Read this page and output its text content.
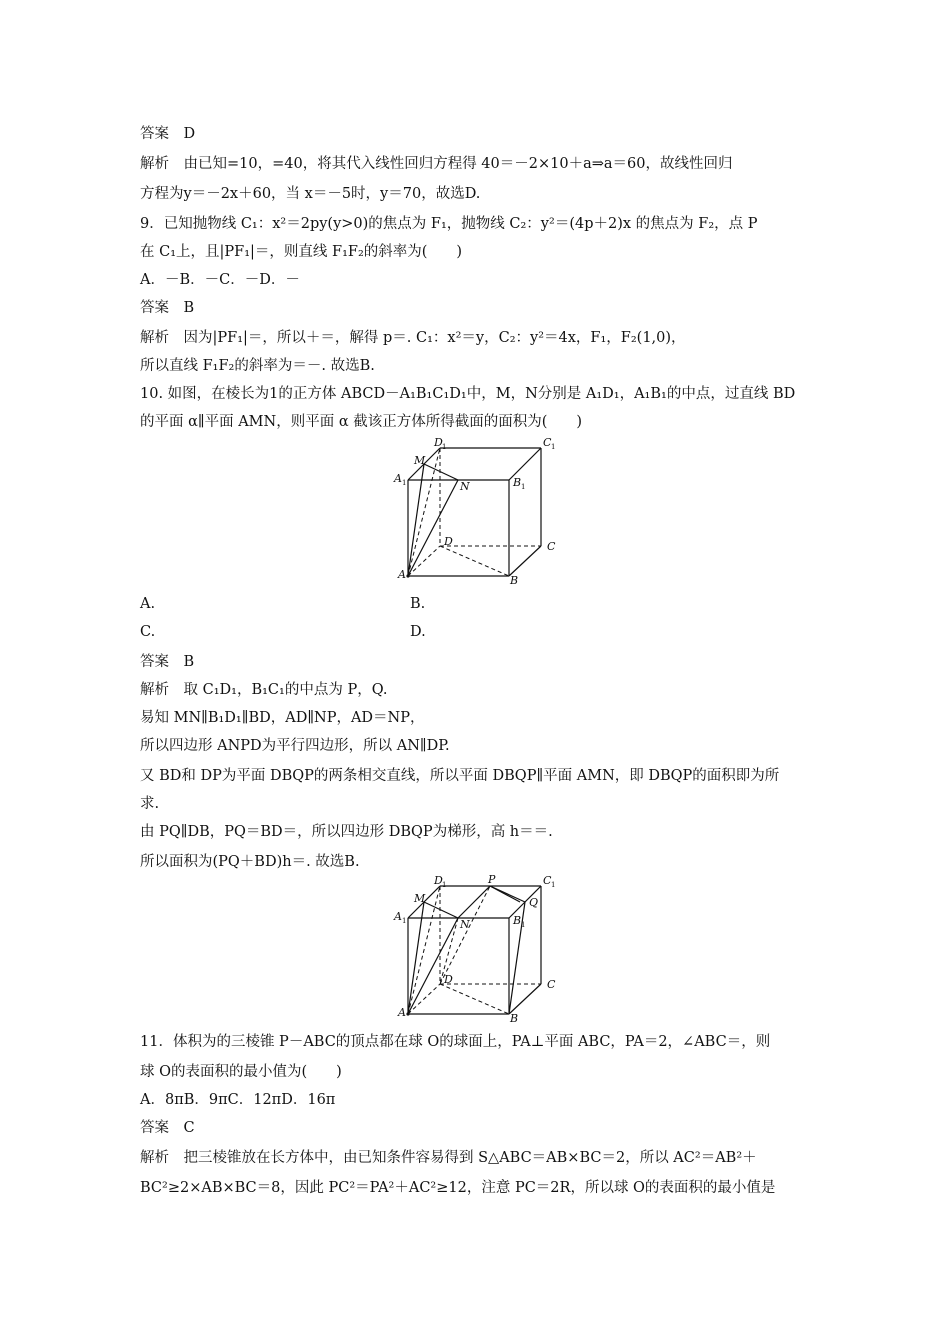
答案　D
解析　由已知=10，=40，将其代入线性回归方程得 40＝－2×10＋a⇒a＝60，故线性回归
方程为y＝－2x＋60，当 x＝－5时，y＝70，故选D.
9．已知抛物线 C₁：x²＝2py(y>0)的焦点为 F₁，抛物线 C₂：y²＝(4p＋2)x 的焦点为 F₂，点 P
在 C₁上，且|PF₁|＝，则直线 F₁F₂的斜率为(　　)
A．－B．－C．－D．－
答案　B
解析　因为|PF₁|＝，所以＋＝，解得 p＝. C₁：x²＝y，C₂：y²＝4x，F₁，F₂(1,0)，
所以直线 F₁F₂的斜率为＝－. 故选B.
10. 如图，在棱长为1的正方体 ABCD－A₁B₁C₁D₁中，M，N分别是 A₁D₁，A₁B₁的中点，过直线 BD
的平面 α∥平面 AMN，则平面 α 截该正方体所得截面的面积为(　　)
D 1	C 1
M
A 1	N	B 1
D	C
A	B
A.	B.
C.	D.
答案　B
解析　取 C₁D₁，B₁C₁的中点为 P，Q.
易知 MN∥B₁D₁∥BD，AD∥NP，AD＝NP，
所以四边形 ANPD为平行四边形，所以 AN∥DP.
又 BD和 DP为平面 DBQP的两条相交直线，所以平面 DBQP∥平面 AMN，即 DBQP的面积即为所
求.
由 PQ∥DB，PQ＝BD＝，所以四边形 DBQP为梯形，高 h＝＝.
所以面积为(PQ＋BD)h＝. 故选B.
D 1	P	C 1
M	Q
A 1	N	B 1
D	C
A	B
11．体积为的三棱锥 P－ABC的顶点都在球 O的球面上，PA⊥平面 ABC，PA＝2，∠ABC＝，则
球 O的表面积的最小值为(　　)
A．8πB．9πC．12πD．16π
答案　C
解析　把三棱锥放在长方体中，由已知条件容易得到 S△ABC＝AB×BC＝2，所以 AC²＝AB²＋
BC²≥2×AB×BC＝8，因此 PC²＝PA²＋AC²≥12，注意 PC＝2R，所以球 O的表面积的最小值是
